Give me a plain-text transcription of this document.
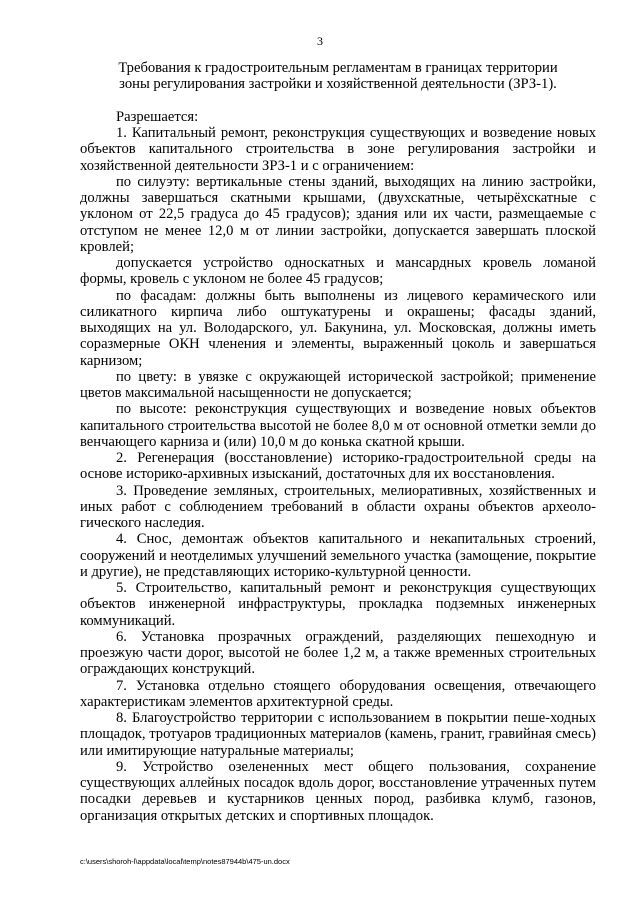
3
Требования к градостроительным регламентам в границах территории
зоны регулирования застройки и хозяйственной деятельности (ЗРЗ-1).

Разрешается:

1. Капитальный ремонт, реконструкция существующих и возведение новых объектов капитального строительства в зоне регулирования застройки и хозяйственной деятельности ЗРЗ-1 и с ограничением:

по силуэту: вертикальные стены зданий, выходящих на линию застройки, должны завершаться скатными крышами, (двухскатные, четырёхскатные с уклоном от 22,5 градуса до 45 градусов); здания или их части, размещаемые с отступом не менее 12,0 м от линии застройки, допускается завершать плоской кровлей;

допускается устройство односкатных и мансардных кровель ломаной формы, кровель с уклоном не более 45 градусов;

по фасадам: должны быть выполнены из лицевого керамического или силикатного кирпича либо оштукатурены и окрашены; фасады зданий, выходящих на ул. Володарского, ул. Бакунина, ул. Московская, должны иметь соразмерные ОКН членения и элементы, выраженный цоколь и завершаться карнизом;

по цвету: в увязке с окружающей исторической застройкой; применение цветов максимальной насыщенности не допускается;

по высоте: реконструкция существующих и возведение новых объектов капитального строительства высотой не более 8,0 м от основной отметки земли до венчающего карниза и (или) 10,0 м до конька скатной крыши.

2. Регенерация (восстановление) историко-градостроительной среды на основе историко-архивных изысканий, достаточных для их восстановления.

3. Проведение земляных, строительных, мелиоративных, хозяйственных и иных работ с соблюдением требований в области охраны объектов археоло-гического наследия.

4. Снос, демонтаж объектов капитального и некапитальных строений, сооружений и неотделимых улучшений земельного участка (замощение, покрытие и другие), не представляющих историко-культурной ценности.

5. Строительство, капитальный ремонт и реконструкция существующих объектов инженерной инфраструктуры, прокладка подземных инженерных коммуникаций.

6. Установка прозрачных ограждений, разделяющих пешеходную и проезжую части дорог, высотой не более 1,2 м, а также временных строительных ограждающих конструкций.

7. Установка отдельно стоящего оборудования освещения, отвечающего характеристикам элементов архитектурной среды.

8. Благоустройство территории с использованием в покрытии пеше-ходных площадок, тротуаров традиционных материалов (камень, гранит, гравийная смесь) или имитирующие натуральные материалы;

9. Устройство озелененных мест общего пользования, сохранение существующих аллейных посадок вдоль дорог, восстановление утраченных путем посадки деревьев и кустарников ценных пород, разбивка клумб, газонов, организация открытых детских и спортивных площадок.

c:\users\shoroh-l\appdata\local\temp\notes87944b\475-un.docx
